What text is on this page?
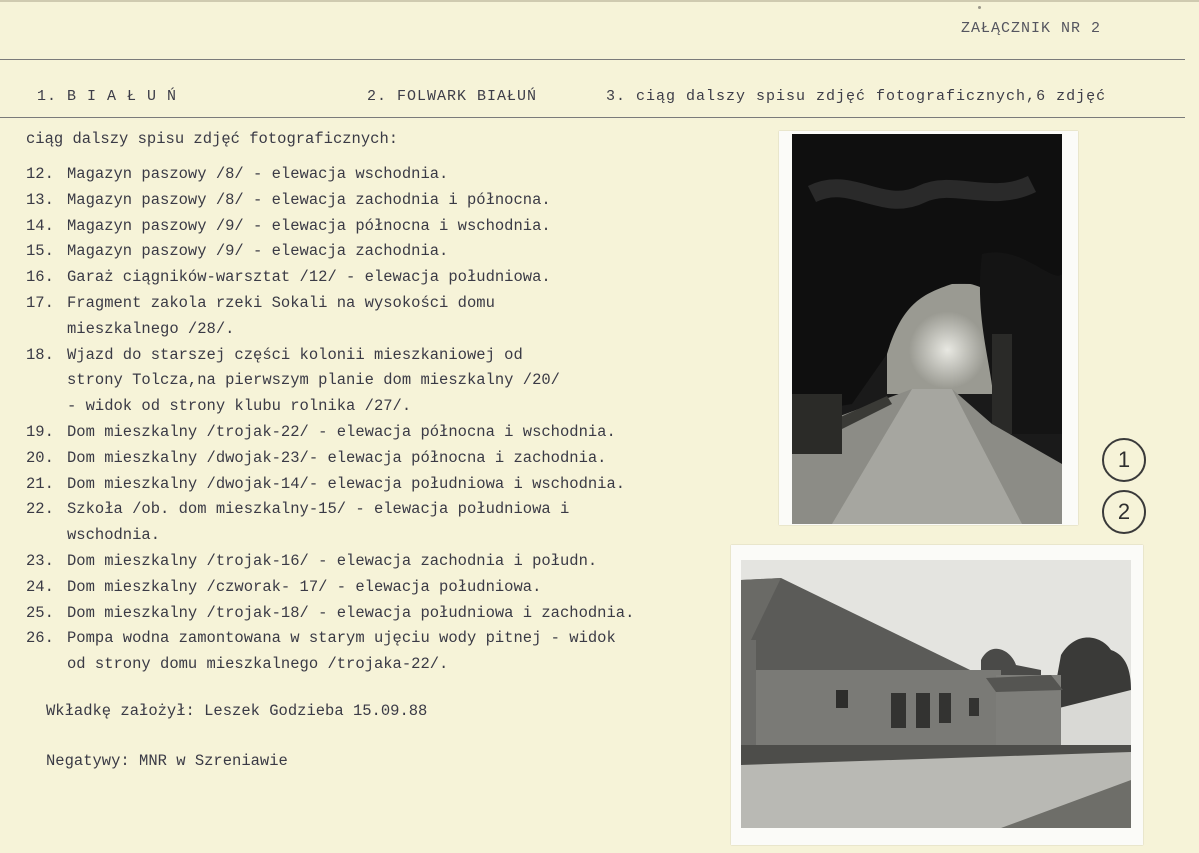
ZAŁĄCZNIK NR 2
1. B I A Ł U Ń	2. FOLWARK BIAŁUŃ	3. ciąg dalszy spisu zdjęć fotograficznych,6 zdjęć
ciąg dalszy spisu zdjęć fotograficznych:
12. Magazyn paszowy /8/ - elewacja wschodnia.
13. Magazyn paszowy /8/ - elewacja zachodnia i północna.
14. Magazyn paszowy /9/ - elewacja północna i wschodnia.
15. Magazyn paszowy /9/ - elewacja zachodnia.
16. Garaż ciągników-warsztat /12/ - elewacja południowa.
17. Fragment zakola rzeki Sokali na wysokości domu
mieszkalnego /28/.
18. Wjazd do starszej części kolonii mieszkaniowej od
strony Tolcza,na pierwszym planie dom mieszkalny /20/
- widok od strony klubu rolnika /27/.
19. Dom mieszkalny /trojak-22/ - elewacja północna i wschodnia.
20. Dom mieszkalny /dwojak-23/- elewacja północna i zachodnia.
21. Dom mieszkalny /dwojak-14/- elewacja południowa i wschodnia.
22. Szkoła /ob. dom mieszkalny-15/ - elewacja południowa i
wschodnia.
23. Dom mieszkalny /trojak-16/ - elewacja zachodnia i połudn.
24. Dom mieszkalny /czworak- 17/ - elewacja południowa.
25. Dom mieszkalny /trojak-18/ - elewacja południowa i zachodnia.
26. Pompa wodna zamontowana w starym ujęciu wody pitnej - widok
od strony domu mieszkalnego /trojaka-22/.
Wkładkę założył: Leszek Godzieba 15.09.88
Negatywy: MNR w Szreniawie
1
2
